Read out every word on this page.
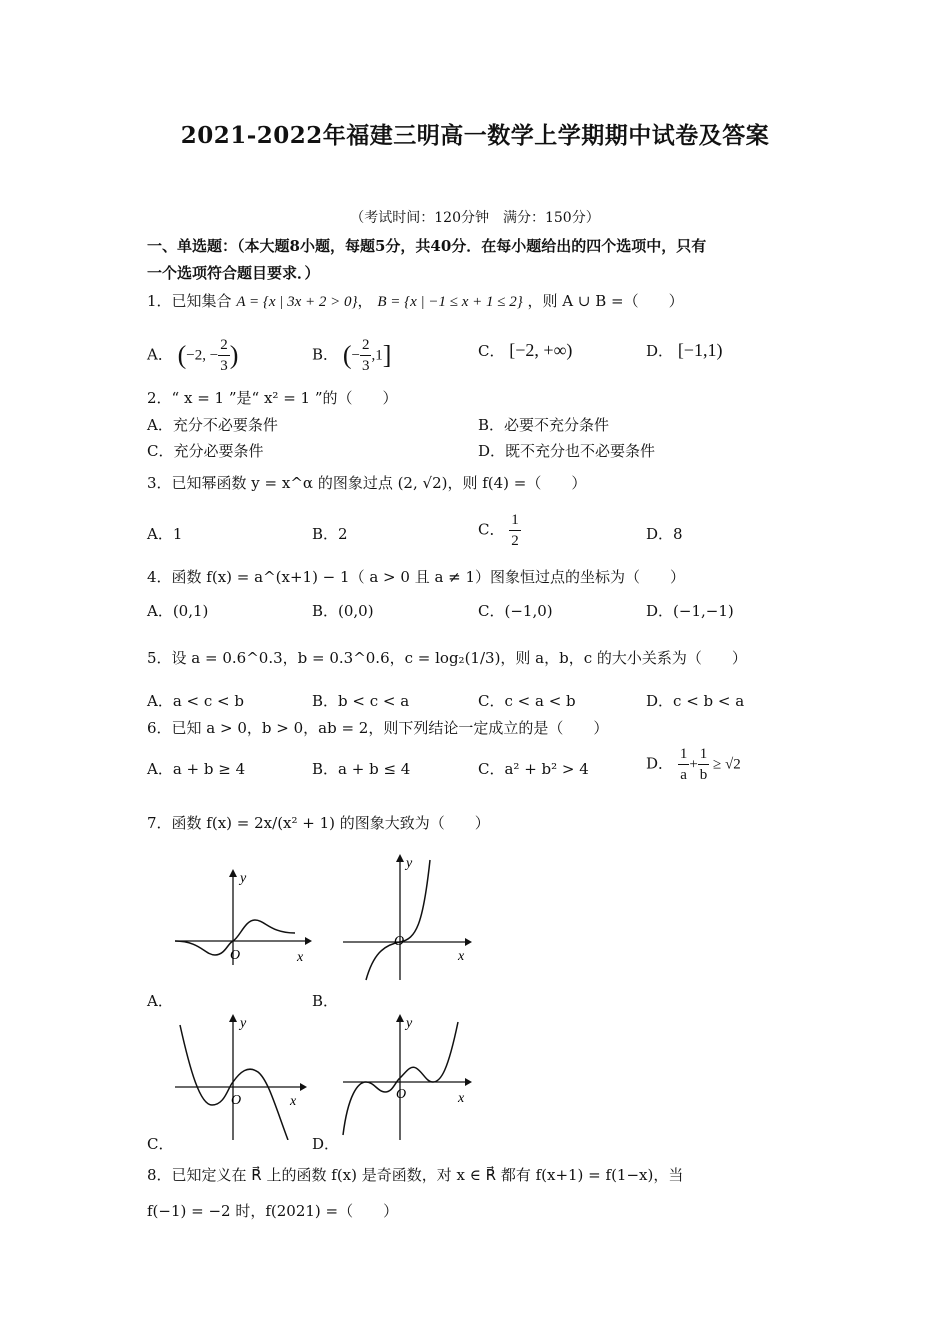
2021-2022年福建三明高一数学上学期期中试卷及答案
（考试时间：120分钟　满分：150分）
一、单选题：（本大题8小题，每题5分，共40分．在每小题给出的四个选项中，只有
一个选项符合题目要求．）
1．已知集合 A = {x | 3x + 2 > 0}， B = {x | −1 ≤ x + 1 ≤ 2} ，则 A ∪ B =（　　）
A． (−2, − $\frac{2}{3}$ )	B． (− $\frac{2}{3} ,1$]	C． [−2, +∞)	D． [−1,1)
2．“ x = 1 ”是“ x² = 1 ”的（　　）
A．充分不必要条件	B．必要不充分条件
C．充分必要条件	D．既不充分也不必要条件
3．已知幂函数 y = x^α 的图象过点 (2, √2)，则 f(4) =（　　）
A．1	B．2	C． $\frac{1}{2}$	D．8
4．函数 f(x) = a^(x+1) − 1（ a > 0 且 a ≠ 1）图象恒过点的坐标为（　　）
A．(0,1)	B．(0,0)	C．(−1,0)	D．(−1,−1)
5．设 a = 0.6^0.3，b = 0.3^0.6，c = log₂(1/3)，则 a，b，c 的大小关系为（　　）
A．a < c < b	B．b < c < a	C．c < a < b	D．c < b < a
6．已知 a > 0，b > 0，ab = 2，则下列结论一定成立的是（　　）
A．a + b ≥ 4	B．a + b ≤ 4	C．a² + b² > 4	D． $\frac{1}{a} + \frac{1}{b} \ge √2$
7．函数 f(x) = 2x/(x² + 1) 的图象大致为（　　）
y
x
O
A．
y
x
O
B．
y
x
O
C．
y
x
O
D．
8．已知定义在 R⃗ 上的函数 f(x) 是奇函数，对 x ∈ R⃗ 都有 f(x+1) = f(1−x)，当
f(−1) = −2 时，f(2021) =（　　）
